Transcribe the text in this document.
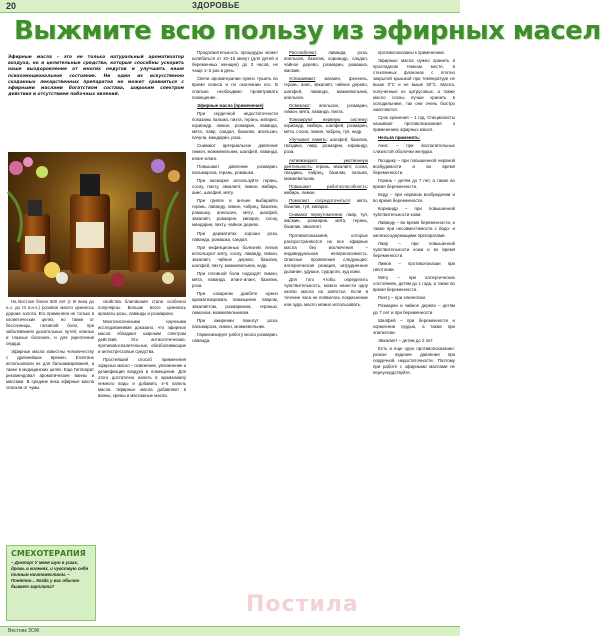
20	ЗДОРОВЬЕ
Выжмите всю пользу из эфирных масел
Эфирные масла – это не только натуральный ароматизатор воздуха, но и целительные средства, которые способны ускорить наше выздоровление от многих недугов и улучшить наше психоэмоциональное состояние. Ни один из искусственно созданных лекарственных препаратов не может сравниться с эфирными маслами богатством состава, широким спектром действия и отсутствием побочных явлений.

На Востоке более 600 лет (с III века до н.э. до III в.н.э.) розовое масло ценилось дороже золота. Его применяли не только в косметических целях, но также от бессонницы, головной боли, при заболеваниях дыхательных путей, кожных и глазных болезнях, и для укрепления сердца.

Эфирные масла известны человечеству с древнейших времен. Египтяне использовали их для бальзамирования, а также в медицинских целях. Еще Гиппократ рекомендовал ароматические ванны и массажи. В средние века эфирные масла спасали от чумы.

свойства благовония стали особенно популярны. Больше всего ценились ароматы розы, лаванды и розмарина.

Многочисленными научными исследованиями доказано, что эфирные масла обладают широким спектром действия. Это антисептические, противовоспалительные, обезболивающие и антистрессовые средства.

Простейший способ применения эфирных масел – освежение, увлажнение и дезинфекция воздуха в помещении. Для этого достаточно налить в аромалампу немного воды и добавить 4–5 капель масла. Эфирные масла добавляют в ванны, кремы и массажные масла.

СМЕХОТЕРАПИЯ
– Доктор! У меня шум в ушах, дрожь в коленях, и чувствую себя полным ничтожеством. – Понятно... Когда у вас обычно бывает зарплата?

Продолжительность процедуры может колебаться от 10–15 минут (для детей и беременных женщин) до 3 часов, не чаще 1–2 раз в день.

Свечи ароматерапии нужно тушить во время сеанса и по окончании его. В спальне необходимо проветривать помещение.

Эфирные масла (применение)

При сердечной недостаточности показаны пальма, пихта, герань, кипарис, кориандр, лимон, розмарин, лаванда, мята, лавр, сандал, базилик, апельсин, пачули, мандарин, роза.

Снижают артериальное давление лимон, можжевельник, шалфей, лаванда, иланг-иланг.

Повышают давление розмарин, пальмароза, герань, ромашка.

При насморке используйте герань, сосну, пихту, эвкалипт, лимон, имбирь, анис, шалфей, мяту.

При гриппе и ангине выбирайте герань, лаванду, лимон, чабрец, базилик, ромашку, апельсин, мяту, шалфей, эвкалипт, розмарин, кипарис, сосну, мандарин, пихту, чайное дерево.

При дерматитах хороши роза, лаванда, ромашка, сандал.

При инфекционных болезнях легких используют мяту, сосну, лаванду, лимон, эвкалипт, чайное дерево, базилик, шалфей, пихту, можжевельник, кедр.

При головной боли подходят лимон, мята, лаванда, иланг-иланг, базилик, роза.

При сахарном диабете нужно ароматизировать помещение лавром, эвкалиптом, розмарином, геранью, лимоном, можжевельником.

При ожирении помогут роза, пальмароза, лимон, можжевельник.

Гармонизирует работу мозга розмарин, лаванда.

Расслабляют: лаванда, роза, апельсин, базилик, кориандр, сандал, чайное дерево, розмарин, ромашка, жасмин.

Успокаивают: жасмин, фенхель, герань, анис, эвкалипт, чайное дерево, шалфей, лаванда, можжевельник, апельсин.

Освежают: апельсин, розмарин, лимон, мята, лаванда, пихта.

Тонизируют нервную систему: кориандр, имбирь, шалфей, розмарин, мята, сосна, лимон, чабрец, туя, кедр.

Улучшают память: шалфей, базилик, гвоздика, лавр, розмарин, кориандр, роза.

Активизируют умственную деятельность: герань, эвкалипт, сосна, гвоздика, чабрец, базилик, пальма, можжевельник.

Повышают работоспособность: имбирь, лимон.

Помогают сосредоточиться: мята, базилик, туя, кипарис.

Снимают переутомление: лавр, туя, жасмин, розмарин, мята, герань, базилик, эвкалипт.

Противопоказания, которые распространяются на все эфирные масла без исключения – индивидуальная непереносимость. Опасные проявления следующие: аллергическая реакция, затрудненное дыхание, удушье, судороги, зуд кожи.

Для того чтобы определить чувствительность, можно нанести одну каплю масла на запястье. Если в течение часа не появилось покраснение или зуда, масло можно использовать.

противопоказаны к применению.

Эфирные масла нужно хранить в прохладном темном месте, в стеклянных флаконах с плотно закрытой крышкой при температуре не выше 0°С и не выше 30°С. Масла, полученные из цитрусовых, а также масло сосны лучше хранить в холодильнике, так они очень быстро окисляются.

Срок хранения – 1 год. Специалисты называют противопоказания к применению эфирных масел.

Нельзя применять:

Анис – при воспалительных слизистой оболочки желудка.

Гвоздику – при повышенной нервной возбудимости и во время беременности.

Герань – детям до 7 лет, а также во время беременности.

Кедр – при нервном возбуждении и во время беременности.

Кориандр – при повышенной чувствительности кожи.

Лаванду – во время беременности, а также при несовместимости с йодо- и железосодержащими препаратами.

Лавр – при повышенной чувствительности кожи и во время беременности.

Лимон – противопоказан при гипотонии.

Мяту – при аллергических состояниях, детям до 1 года, а также во время беременности.

Пихту – при эпилепсии.

Розмарин и чайное дерево – детям до 7 лет и при беременности.

Шалфей – при беременности и кормлении грудью, а также при эпилепсии.

Эвкалипт – детям до 2 лет.

Есть и еще одно противопоказание: резкое падение давления при сердечной недостаточности. Поэтому при работе с эфирными маслами не переусердствуйте.

Постила
Вестник ЗОЖ
